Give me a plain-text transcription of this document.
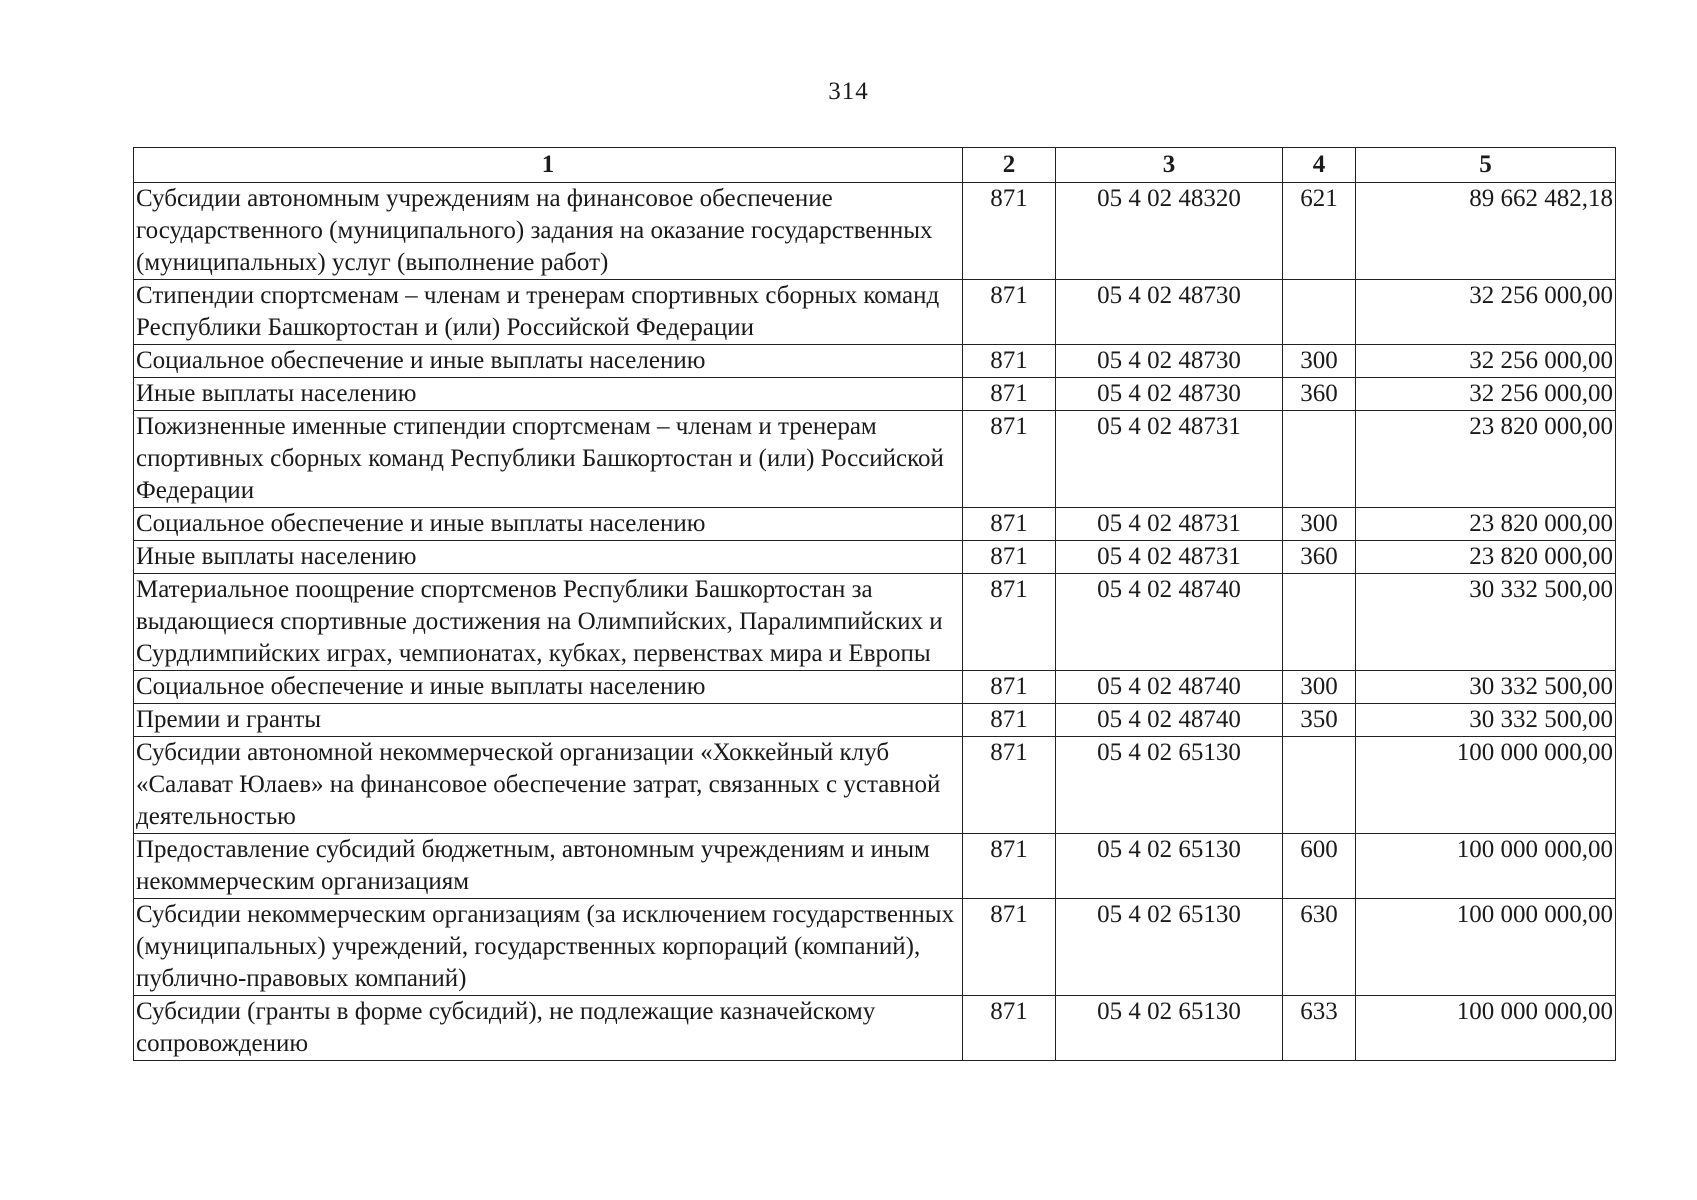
314
1	2	3	4	5
Субсидии автономным учреждениям на финансовое обеспечение государственного (муниципального) задания на оказание государственных (муниципальных) услуг (выполнение работ)	871	05 4 02 48320	621	89 662 482,18
Стипендии спортсменам – членам и тренерам спортивных сборных команд Республики Башкортостан и (или) Российской Федерации	871	05 4 02 48730		32 256 000,00
Социальное обеспечение и иные выплаты населению	871	05 4 02 48730	300	32 256 000,00
Иные выплаты населению	871	05 4 02 48730	360	32 256 000,00
Пожизненные именные стипендии спортсменам – членам и тренерам спортивных сборных команд Республики Башкортостан и (или) Российской Федерации	871	05 4 02 48731		23 820 000,00
Социальное обеспечение и иные выплаты населению	871	05 4 02 48731	300	23 820 000,00
Иные выплаты населению	871	05 4 02 48731	360	23 820 000,00
Материальное поощрение спортсменов Республики Башкортостан за выдающиеся спортивные достижения на Олимпийских, Паралимпийских и Сурдлимпийских играх, чемпионатах, кубках, первенствах мира и Европы	871	05 4 02 48740		30 332 500,00
Социальное обеспечение и иные выплаты населению	871	05 4 02 48740	300	30 332 500,00
Премии и гранты	871	05 4 02 48740	350	30 332 500,00
Субсидии автономной некоммерческой организации «Хоккейный клуб «Салават Юлаев» на финансовое обеспечение затрат, связанных с уставной деятельностью	871	05 4 02 65130		100 000 000,00
Предоставление субсидий бюджетным, автономным учреждениям и иным некоммерческим организациям	871	05 4 02 65130	600	100 000 000,00
Субсидии некоммерческим организациям (за исключением государственных (муниципальных) учреждений, государственных корпораций (компаний), публично-правовых компаний)	871	05 4 02 65130	630	100 000 000,00
Субсидии (гранты в форме субсидий), не подлежащие казначейскому сопровождению	871	05 4 02 65130	633	100 000 000,00
